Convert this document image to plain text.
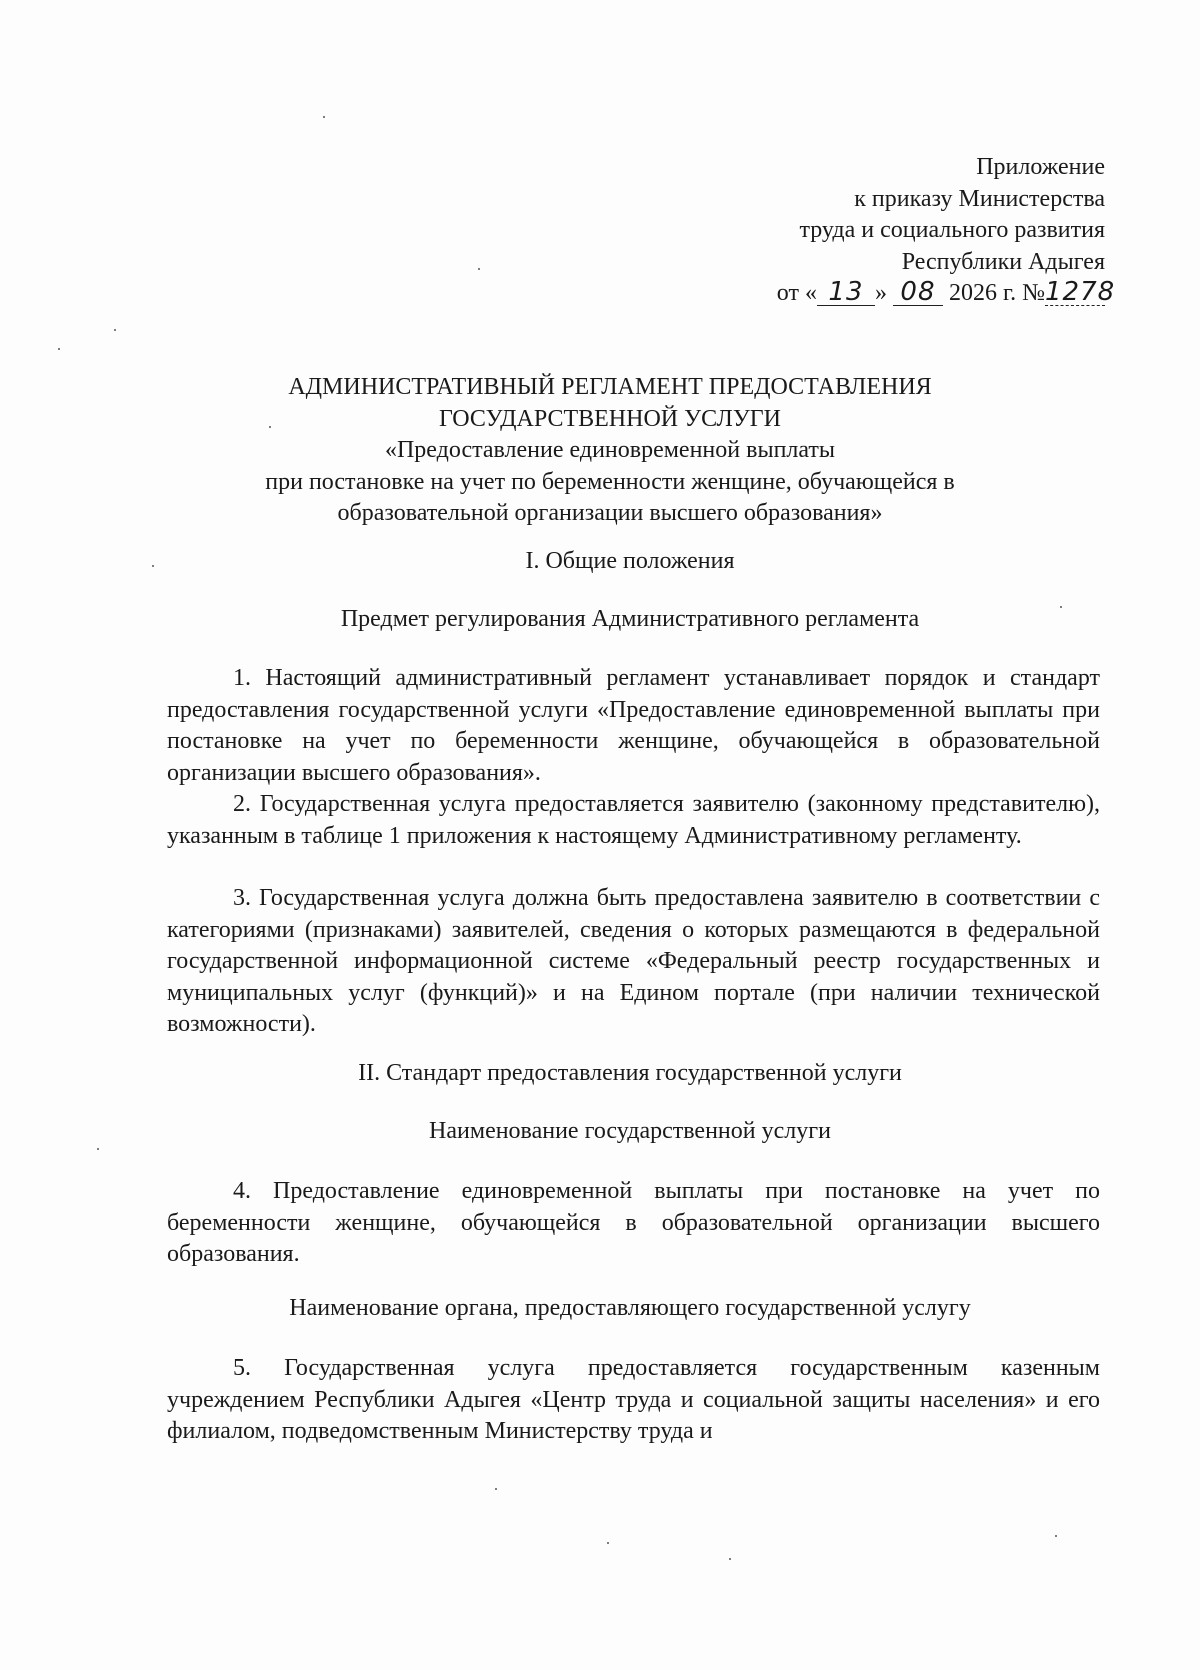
Приложение
к приказу Министерства
труда и социального развития
Республики Адыгея
от « 13 » 08 2026 г. №1278
АДМИНИСТРАТИВНЫЙ РЕГЛАМЕНТ ПРЕДОСТАВЛЕНИЯ
ГОСУДАРСТВЕННОЙ УСЛУГИ
«Предоставление единовременной выплаты
при постановке на учет по беременности женщине, обучающейся в
образовательной организации высшего образования»
I. Общие положения
Предмет регулирования Административного регламента

1. Настоящий административный регламент устанавливает порядок и стандарт предоставления государственной услуги «Предоставление единовременной выплаты при постановке на учет по беременности женщине, обучающейся в образовательной организации высшего образования».

2. Государственная услуга предоставляется заявителю (законному представителю), указанным в таблице 1 приложения к настоящему Административному регламенту.

3. Государственная услуга должна быть предоставлена заявителю в соответствии с категориями (признаками) заявителей, сведения о которых размещаются в федеральной государственной информационной системе «Федеральный реестр государственных и муниципальных услуг (функций)» и на Едином портале (при наличии технической возможности).

II. Стандарт предоставления государственной услуги
Наименование государственной услуги

4. Предоставление единовременной выплаты при постановке на учет по беременности женщине, обучающейся в образовательной организации высшего образования.

Наименование органа, предоставляющего государственной услугу

5. Государственная услуга предоставляется государственным казенным учреждением Республики Адыгея «Центр труда и социальной защиты населения» и его филиалом, подведомственным Министерству труда и
